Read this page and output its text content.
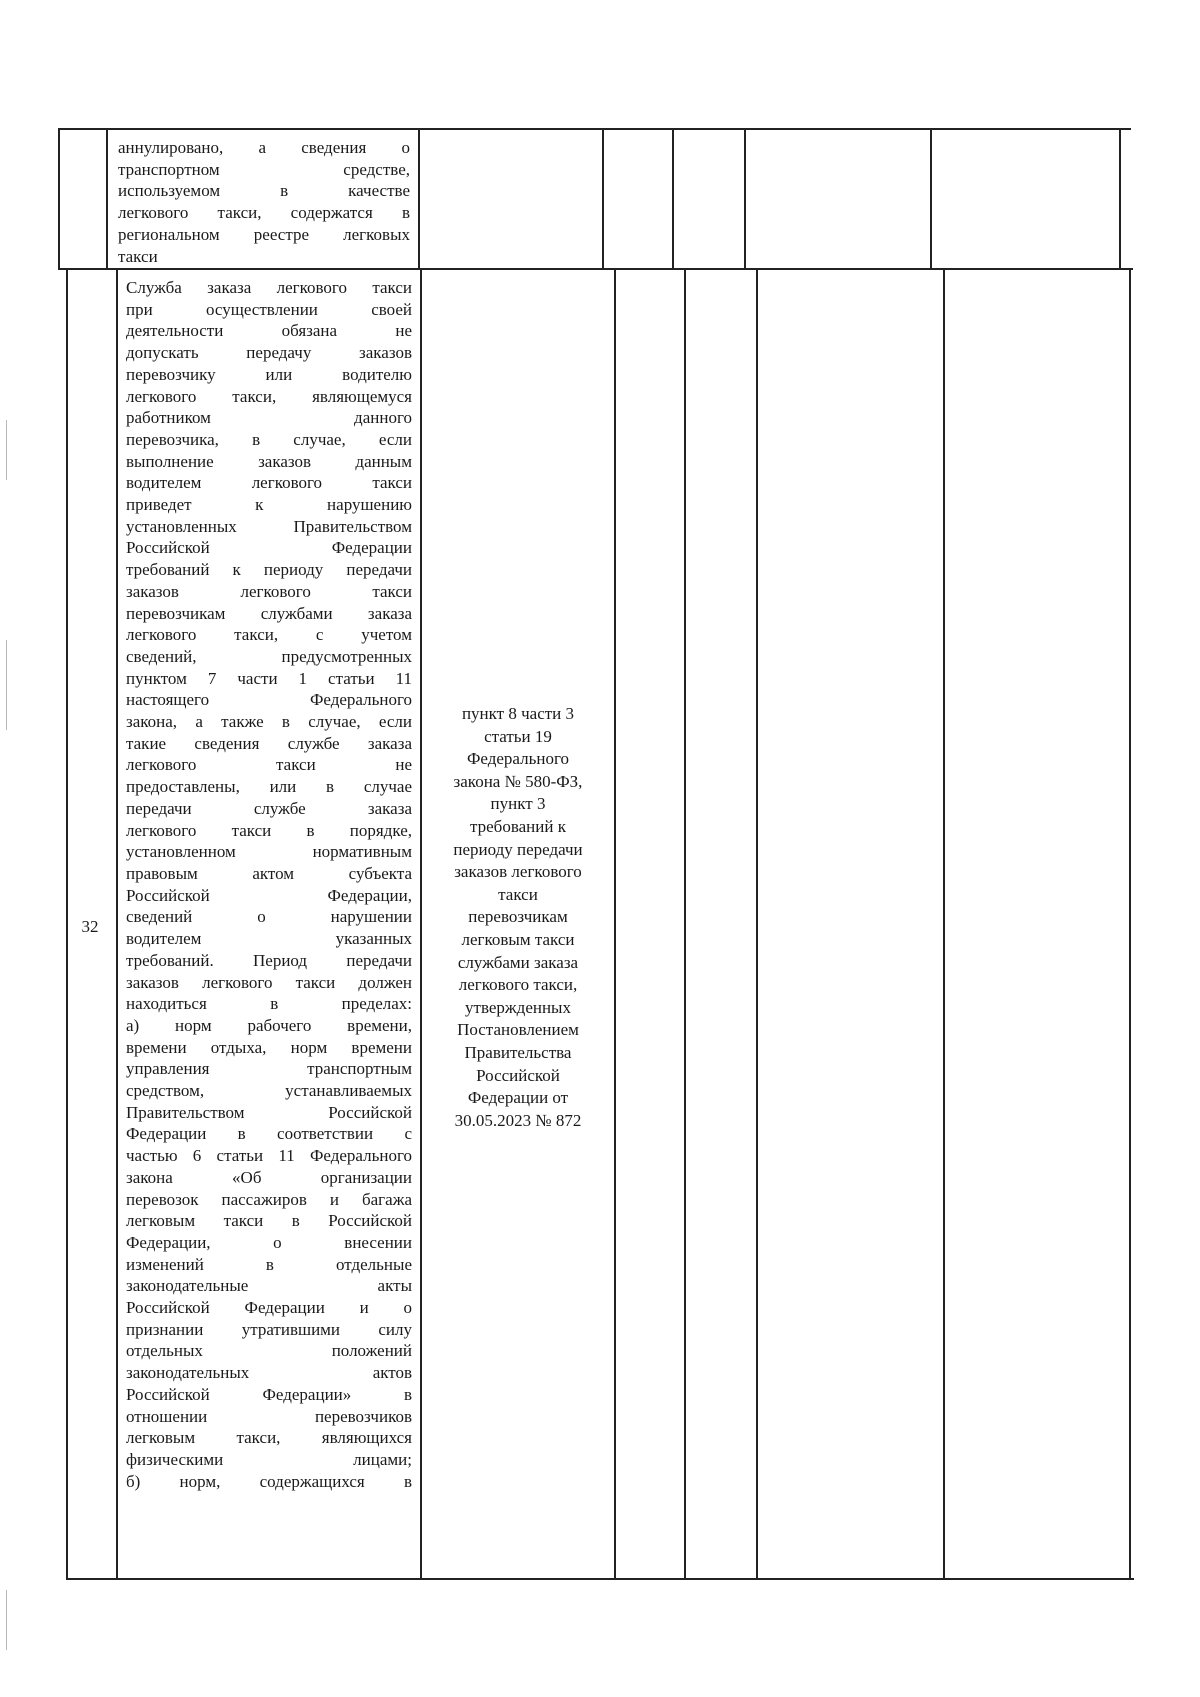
аннулировано, а сведения о
транспортном средстве,
используемом в качестве
легкового такси, содержатся в
региональном реестре легковых
такси
32
Служба заказа легкового такси
при осуществлении своей
деятельности обязана не
допускать передачу заказов
перевозчику или водителю
легкового такси, являющемуся
работником данного
перевозчика, в случае, если
выполнение заказов данным
водителем легкового такси
приведет к нарушению
установленных Правительством
Российской Федерации
требований к периоду передачи
заказов легкового такси
перевозчикам службами заказа
легкового такси, с учетом
сведений, предусмотренных
пунктом 7 части 1 статьи 11
настоящего Федерального
закона, а также в случае, если
такие сведения службе заказа
легкового такси не
предоставлены, или в случае
передачи службе заказа
легкового такси в порядке,
установленном нормативным
правовым актом субъекта
Российской Федерации,
сведений о нарушении
водителем указанных
требований. Период передачи
заказов легкового такси должен
находиться в пределах:
а) норм рабочего времени,
времени отдыха, норм времени
управления транспортным
средством, устанавливаемых
Правительством Российской
Федерации в соответствии с
частью 6 статьи 11 Федерального
закона «Об организации
перевозок пассажиров и багажа
легковым такси в Российской
Федерации, о внесении
изменений в отдельные
законодательные акты
Российской Федерации и о
признании утратившими силу
отдельных положений
законодательных актов
Российской Федерации» в
отношении перевозчиков
легковым такси, являющихся
физическими лицами;
б) норм, содержащихся в
пункт 8 части 3
статьи 19
Федерального
закона № 580-ФЗ,
пункт 3
требований к
периоду передачи
заказов легкового
такси
перевозчикам
легковым такси
службами заказа
легкового такси,
утвержденных
Постановлением
Правительства
Российской
Федерации от
30.05.2023 № 872
